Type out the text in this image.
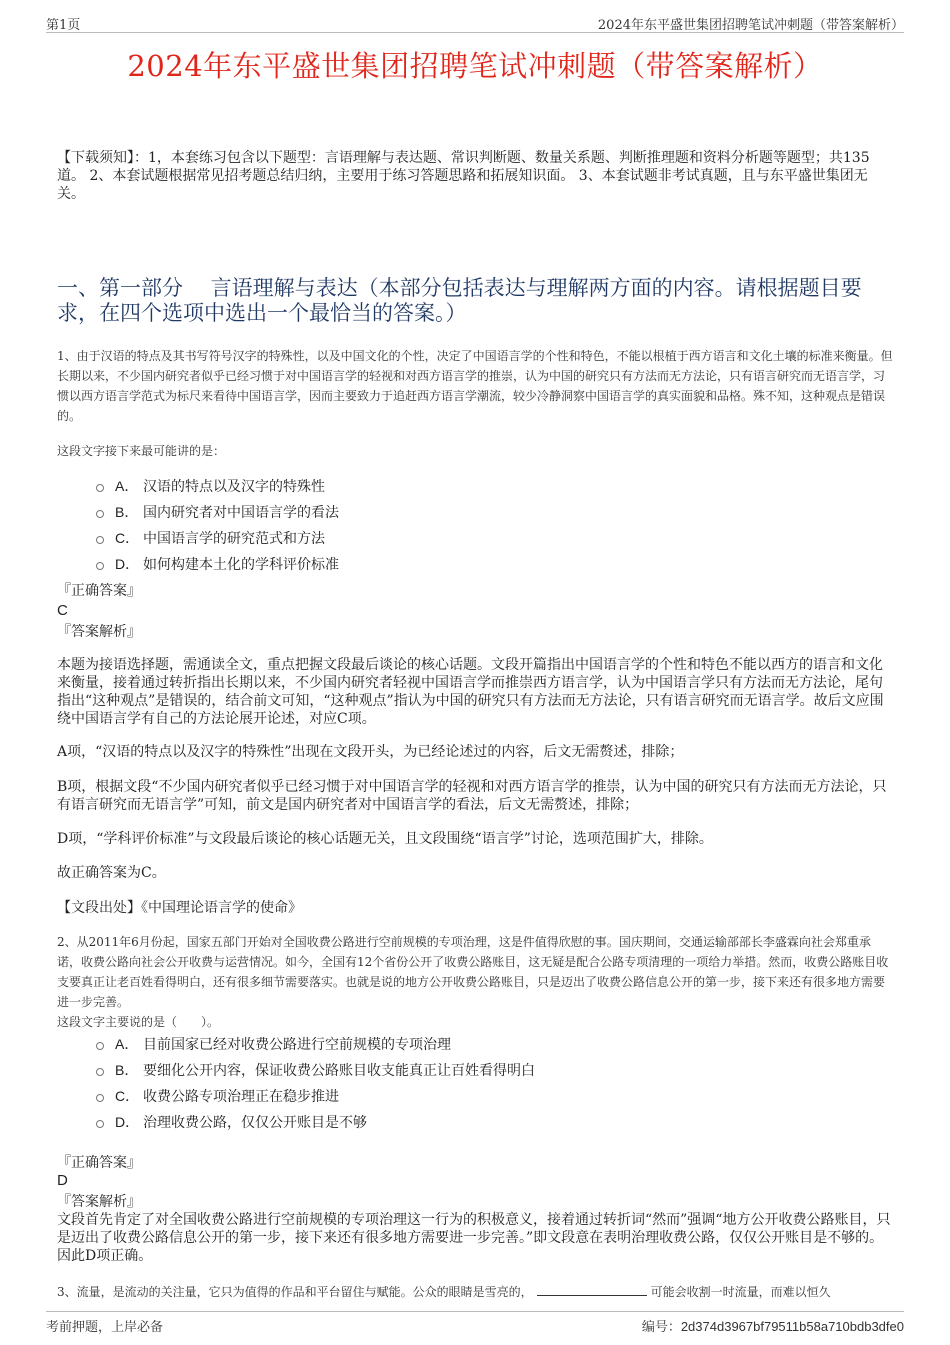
第1页	2024年东平盛世集团招聘笔试冲刺题（带答案解析）
2024年东平盛世集团招聘笔试冲刺题（带答案解析）
【下载须知】：1，本套练习包含以下题型：言语理解与表达题、常识判断题、数量关系题、判断推理题和资料分析题等题型；共135道。 2、本套试题根据常见招考题总结归纳，主要用于练习答题思路和拓展知识面。 3、本套试题非考试真题，且与东平盛世集团无关。
一、第一部分　 言语理解与表达（本部分包括表达与理解两方面的内容。请根据题目要求，在四个选项中选出一个最恰当的答案。）
1、由于汉语的特点及其书写符号汉字的特殊性，以及中国文化的个性，决定了中国语言学的个性和特色，不能以根植于西方语言和文化土壤的标准来衡量。但长期以来，不少国内研究者似乎已经习惯于对中国语言学的轻视和对西方语言学的推崇，认为中国的研究只有方法而无方法论，只有语言研究而无语言学，习惯以西方语言学范式为标尺来看待中国语言学，因而主要致力于追赶西方语言学潮流，较少冷静洞察中国语言学的真实面貌和品格。殊不知，这种观点是错误的。
这段文字接下来最可能讲的是：
A． 汉语的特点以及汉字的特殊性
B． 国内研究者对中国语言学的看法
C． 中国语言学的研究范式和方法
D． 如何构建本土化的学科评价标准
『正确答案』
C
『答案解析』
本题为接语选择题，需通读全文，重点把握文段最后谈论的核心话题。文段开篇指出中国语言学的个性和特色不能以西方的语言和文化来衡量，接着通过转折指出长期以来，不少国内研究者轻视中国语言学而推崇西方语言学，认为中国语言学只有方法而无方法论，尾句指出“这种观点”是错误的，结合前文可知，“这种观点”指认为中国的研究只有方法而无方法论，只有语言研究而无语言学。故后文应围绕中国语言学有自己的方法论展开论述，对应C项。
A项，“汉语的特点以及汉字的特殊性”出现在文段开头，为已经论述过的内容，后文无需赘述，排除；
B项，根据文段“不少国内研究者似乎已经习惯于对中国语言学的轻视和对西方语言学的推崇，认为中国的研究只有方法而无方法论，只有语言研究而无语言学”可知，前文是国内研究者对中国语言学的看法，后文无需赘述，排除；
D项，“学科评价标准”与文段最后谈论的核心话题无关，且文段围绕“语言学”讨论，选项范围扩大，排除。
故正确答案为C。
【文段出处】《中国理论语言学的使命》
2、从2011年6月份起，国家五部门开始对全国收费公路进行空前规模的专项治理，这是件值得欣慰的事。国庆期间，交通运输部部长李盛霖向社会郑重承诺，收费公路向社会公开收费与运营情况。如今，全国有12个省份公开了收费公路账目，这无疑是配合公路专项清理的一项给力举措。然而，收费公路账目收支要真正让老百姓看得明白，还有很多细节需要落实。也就是说的地方公开收费公路账目，只是迈出了收费公路信息公开的第一步，接下来还有很多地方需要进一步完善。
这段文字主要说的是（　　）。
A． 目前国家已经对收费公路进行空前规模的专项治理
B． 要细化公开内容，保证收费公路账目收支能真正让百姓看得明白
C． 收费公路专项治理正在稳步推进
D． 治理收费公路，仅仅公开账目是不够
『正确答案』
D
『答案解析』
文段首先肯定了对全国收费公路进行空前规模的专项治理这一行为的积极意义，接着通过转折词“然而”强调“地方公开收费公路账目，只是迈出了收费公路信息公开的第一步，接下来还有很多地方需要进一步完善。”即文段意在表明治理收费公路，仅仅公开账目是不够的。因此D项正确。
3、流量，是流动的关注量，它只为值得的作品和平台留住与赋能。公众的眼睛是雪亮的，	可能会收割一时流量，而难以恒久
考前押题，上岸必备	编号：2d374d3967bf79511b58a710bdb3dfe0
